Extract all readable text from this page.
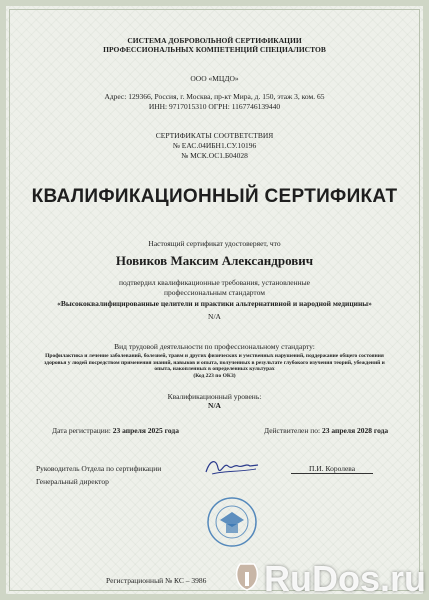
СИСТЕМА ДОБРОВОЛЬНОЙ СЕРТИФИКАЦИИ
ПРОФЕССИОНАЛЬНЫХ КОМПЕТЕНЦИЙ СПЕЦИАЛИСТОВ
ООО «МЦДО»
Адрес: 129366, Россия, г. Москва, пр-кт Мира, д. 150, этаж 3, ком. 65
ИНН: 9717015310 ОГРН: 1167746139440
СЕРТИФИКАТЫ СООТВЕТСТВИЯ
№ ЕАС.04ИБН1.СУ.10196
№ МСК.ОС1.Б04028
КВАЛИФИКАЦИОННЫЙ СЕРТИФИКАТ
Настоящий сертификат удостоверяет, что
Новиков Максим Александрович
подтвердил квалификационные требования, установленные
профессиональным стандартом
«Высококвалифицированные целители и практики альтернативной и народной медицины»
N/A
Вид трудовой деятельности по профессиональному стандарту:
Профилактика и лечение заболеваний, болезней, травм и других физических и умственных нарушений, поддержание общего состояния здоровья у людей посредством применения знаний, навыков и опыта, полученных в результате глубокого изучения теорий, убеждений и опыта, накопленных в определенных культурах
(Код 223 по ОКЗ)
Квалификационный уровень:
N/A
Дата регистрации: 23 апреля 2025 года	Действителен по: 23 апреля 2028 года
Руководитель Отдела по сертификации
Генеральный директор
П.И. Королева
Регистрационный № КС – 3986 RuDos.ru
